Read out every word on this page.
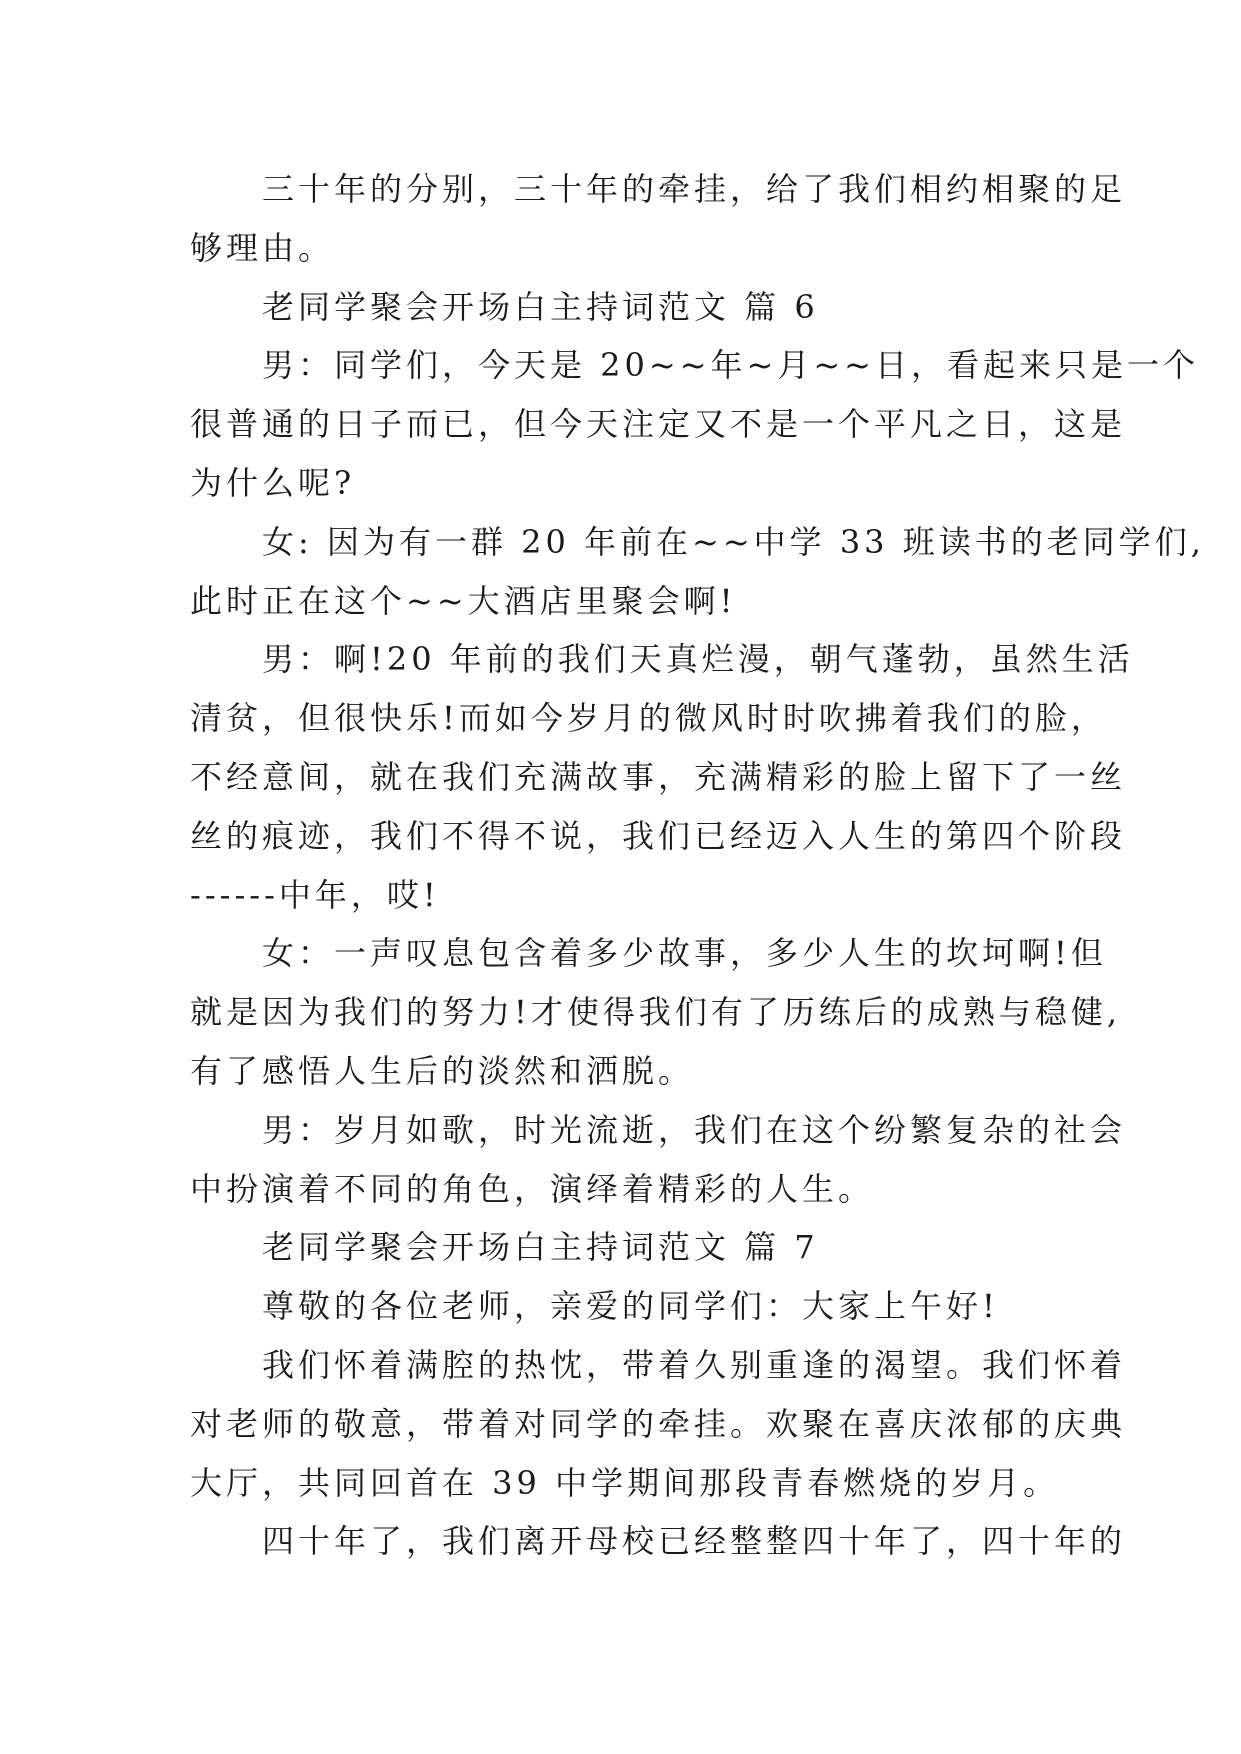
三十年的分别，三十年的牵挂，给了我们相约相聚的足
够理由。
老同学聚会开场白主持词范文 篇 6
男：同学们，今天是 20~~年~月~~日，看起来只是一个
很普通的日子而已，但今天注定又不是一个平凡之日，这是
为什么呢?
女: 因为有一群 20 年前在~~中学 33 班读书的老同学们,
此时正在这个~~大酒店里聚会啊!
男：啊!20 年前的我们天真烂漫，朝气蓬勃，虽然生活
清贫，但很快乐!而如今岁月的微风时时吹拂着我们的脸，
不经意间，就在我们充满故事，充满精彩的脸上留下了一丝
丝的痕迹，我们不得不说，我们已经迈入人生的第四个阶段
------中年，哎!
女：一声叹息包含着多少故事，多少人生的坎坷啊!但
就是因为我们的努力!才使得我们有了历练后的成熟与稳健,
有了感悟人生后的淡然和洒脱。
男：岁月如歌，时光流逝，我们在这个纷繁复杂的社会
中扮演着不同的角色，演绎着精彩的人生。
老同学聚会开场白主持词范文 篇 7
尊敬的各位老师，亲爱的同学们：大家上午好!
我们怀着满腔的热忱，带着久别重逢的渴望。我们怀着
对老师的敬意，带着对同学的牵挂。欢聚在喜庆浓郁的庆典
大厅，共同回首在 39 中学期间那段青春燃烧的岁月。
四十年了，我们离开母校已经整整四十年了，四十年的
